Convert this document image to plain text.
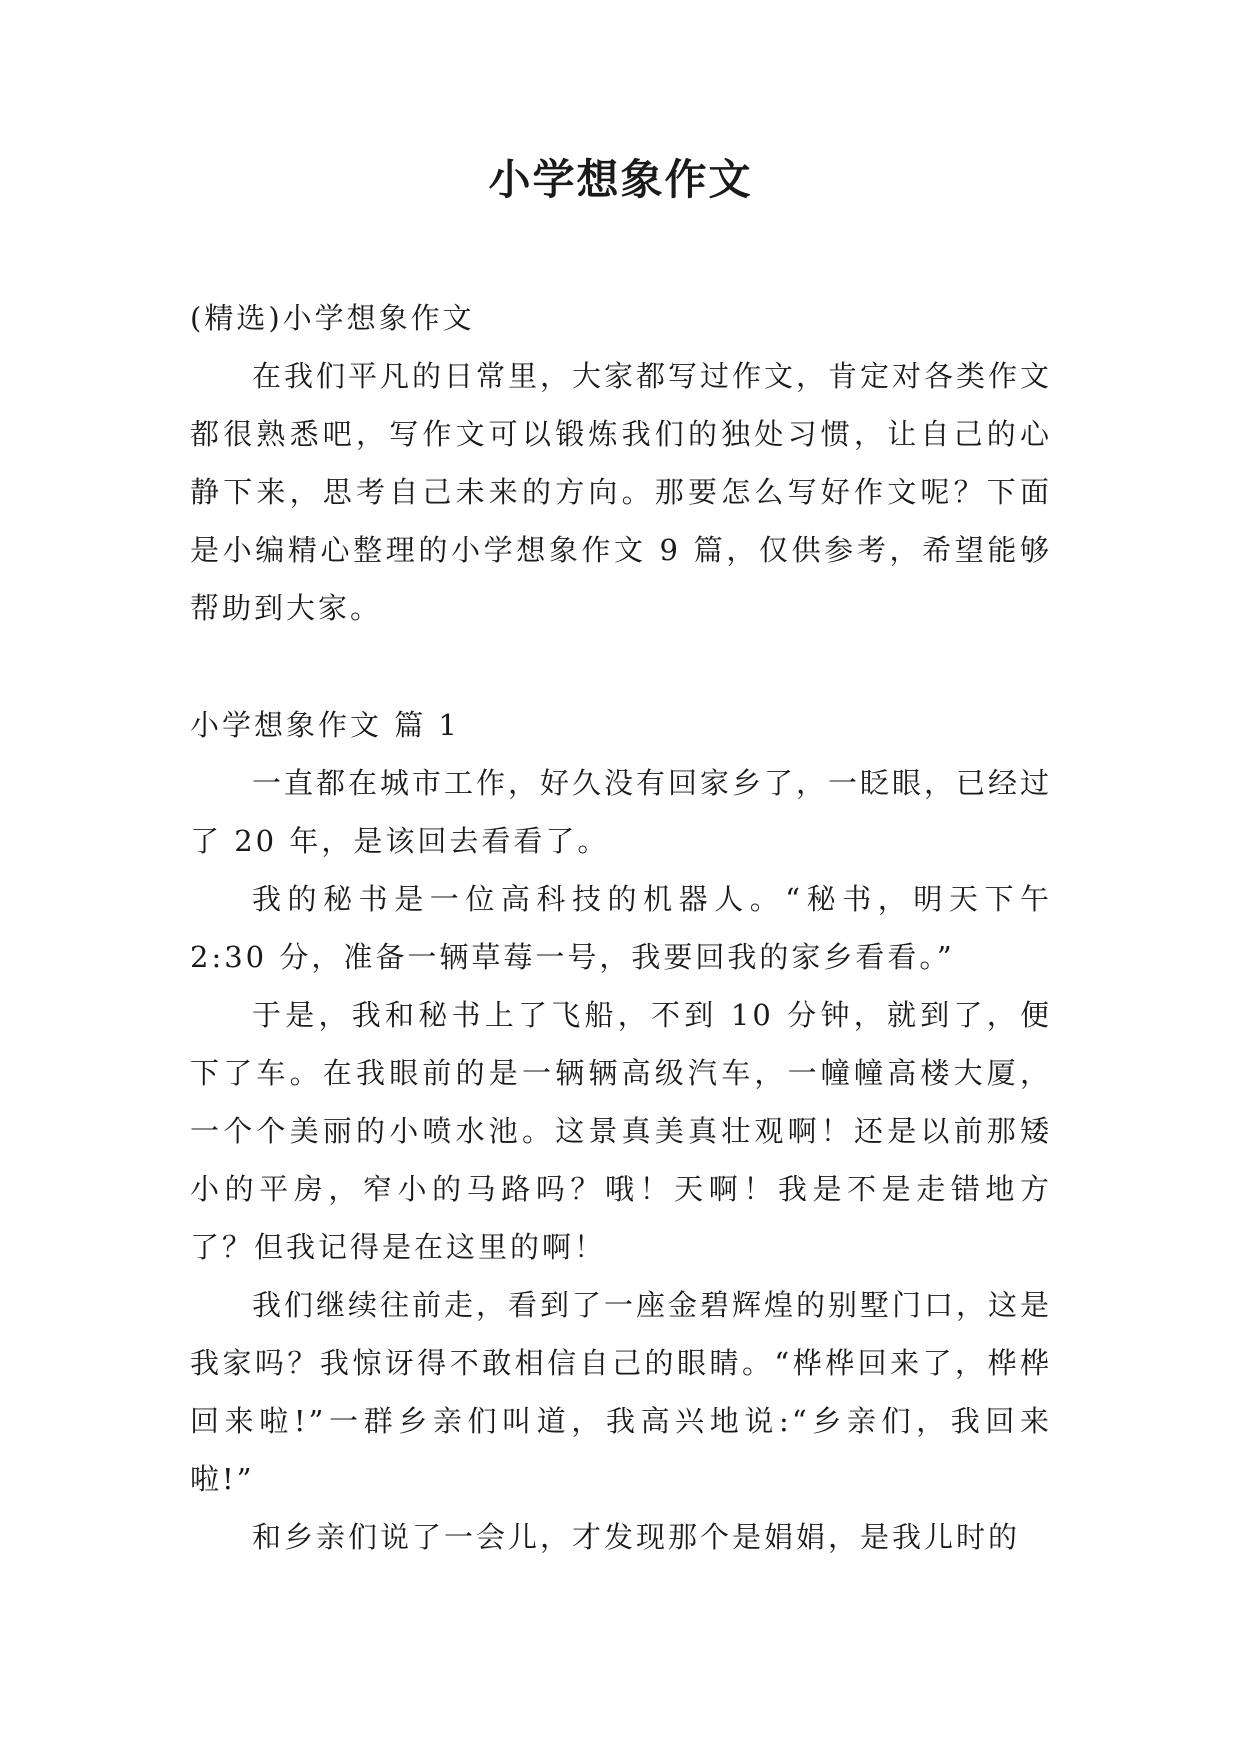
小学想象作文

(精选)小学想象作文

在我们平凡的日常里，大家都写过作文，肯定对各类作文都很熟悉吧，写作文可以锻炼我们的独处习惯，让自己的心静下来，思考自己未来的方向。那要怎么写好作文呢？下面是小编精心整理的小学想象作文 9 篇，仅供参考，希望能够帮助到大家。

小学想象作文 篇 1

一直都在城市工作，好久没有回家乡了，一眨眼，已经过了 20 年，是该回去看看了。

我的秘书是一位高科技的机器人。“秘书，明天下午 2:30 分，准备一辆草莓一号，我要回我的家乡看看。”

于是，我和秘书上了飞船，不到 10 分钟，就到了，便下了车。在我眼前的是一辆辆高级汽车，一幢幢高楼大厦，一个个美丽的小喷水池。这景真美真壮观啊！还是以前那矮小的平房，窄小的马路吗？哦！天啊！我是不是走错地方了？但我记得是在这里的啊！

我们继续往前走，看到了一座金碧辉煌的别墅门口，这是我家吗？我惊讶得不敢相信自己的眼睛。“桦桦回来了，桦桦回来啦!”一群乡亲们叫道，我高兴地说:“乡亲们，我回来啦!”

和乡亲们说了一会儿，才发现那个是娟娟，是我儿时的
